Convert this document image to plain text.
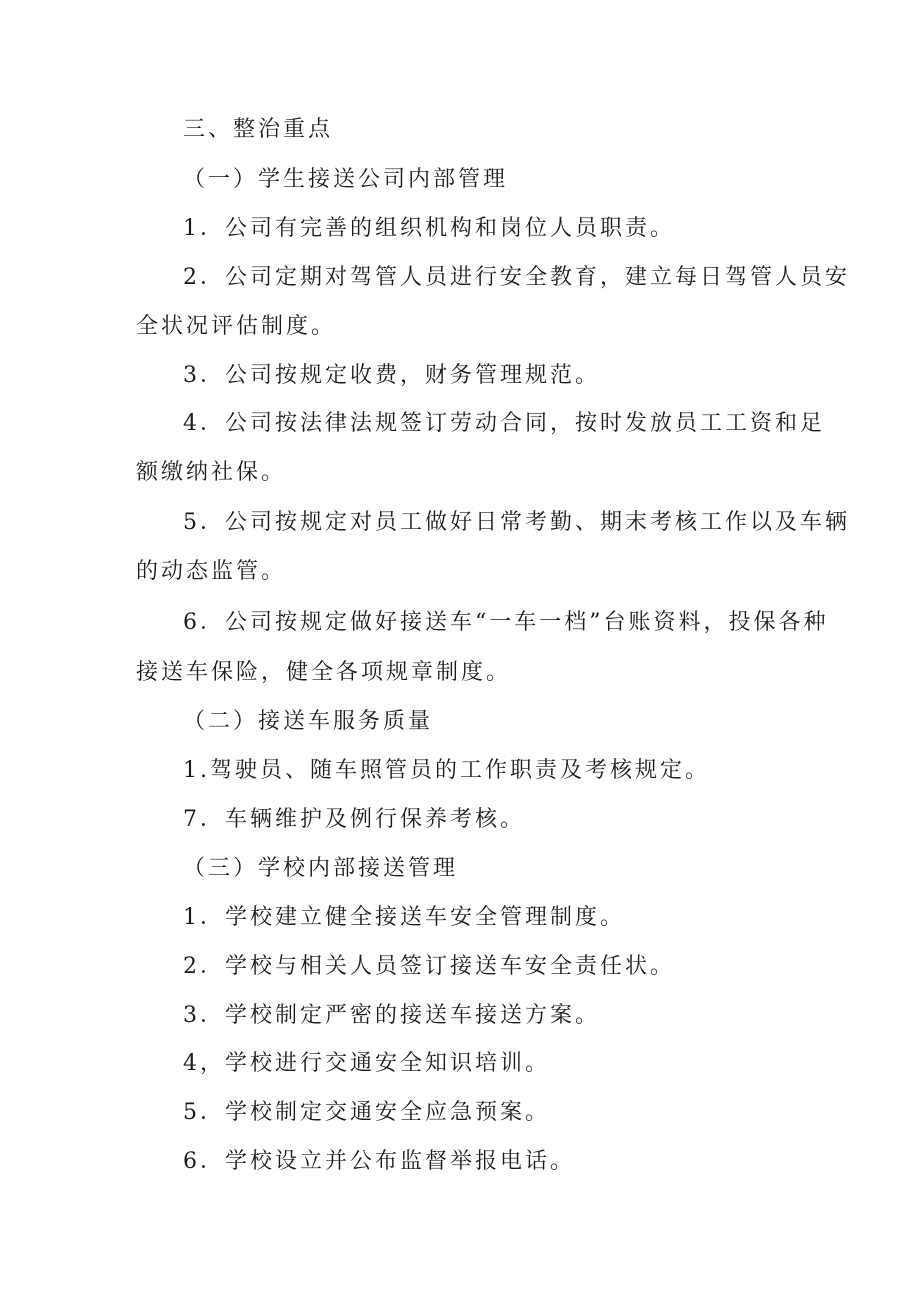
三、整治重点
（一）学生接送公司内部管理
1．公司有完善的组织机构和岗位人员职责。
2．公司定期对驾管人员进行安全教育，建立每日驾管人员安
全状况评估制度。
3．公司按规定收费，财务管理规范。
4．公司按法律法规签订劳动合同，按时发放员工工资和足
额缴纳社保。
5．公司按规定对员工做好日常考勤、期末考核工作以及车辆
的动态监管。
6．公司按规定做好接送车“一车一档”台账资料，投保各种
接送车保险，健全各项规章制度。
（二）接送车服务质量
1.驾驶员、随车照管员的工作职责及考核规定。
7．车辆维护及例行保养考核。
（三）学校内部接送管理
1．学校建立健全接送车安全管理制度。
2．学校与相关人员签订接送车安全责任状。
3．学校制定严密的接送车接送方案。
4，学校进行交通安全知识培训。
5．学校制定交通安全应急预案。
6．学校设立并公布监督举报电话。
